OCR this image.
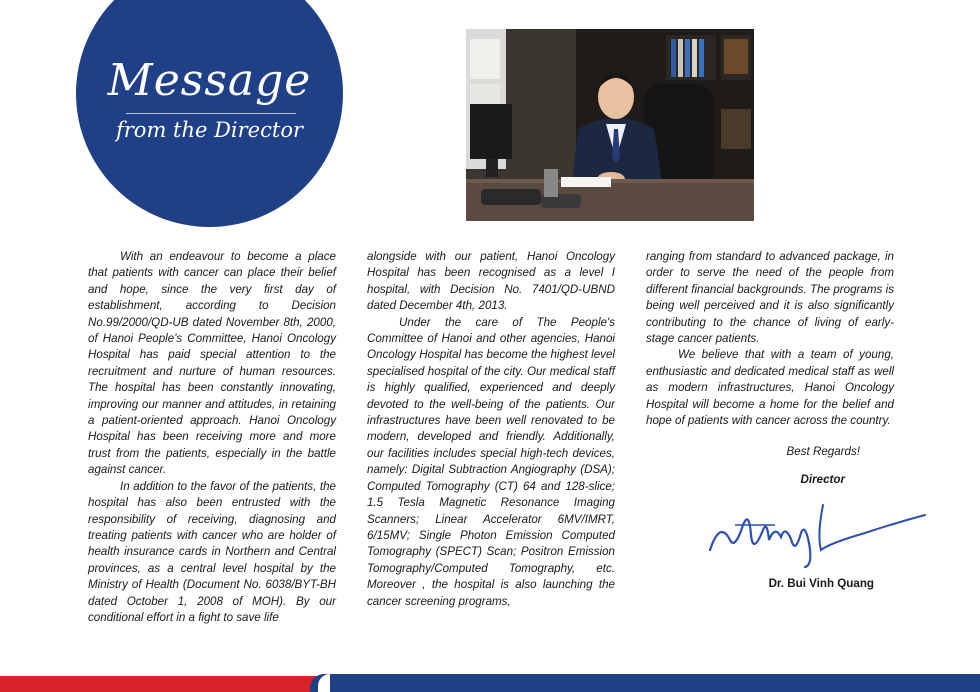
Message
from the Director

With an endeavour to become a place that patients with cancer can place their belief and hope, since the very first day of establishment, according to Decision No.99/2000/QD-UB dated November 8th, 2000, of Hanoi People's Committee, Hanoi Oncology Hospital has paid special attention to the recruitment and nurture of human resources. The hospital has been constantly innovating, improving our manner and attitudes, in retaining a patient-oriented approach. Hanoi Oncology Hospital has been receiving more and more trust from the patients, especially in the battle against cancer.

In addition to the favor of the patients, the hospital has also been entrusted with the responsibility of receiving, diagnosing and treating patients with cancer who are holder of health insurance cards in Northern and Central provinces, as a central level hospital by the Ministry of Health (Document No. 6038/BYT-BH dated October 1, 2008 of MOH). By our conditional effort in a fight to save life

alongside with our patient, Hanoi Oncology Hospital has been recognised as a level I hospital, with Decision No. 7401/QD-UBND dated December 4th, 2013.

Under the care of The People's Committee of Hanoi and other agencies, Hanoi Oncology Hospital has become the highest level specialised hospital of the city. Our medical staff is highly qualified, experienced and deeply devoted to the well-being of the patients. Our infrastructures have been well renovated to be modern, developed and friendly. Additionally, our facilities includes special high-tech devices, namely: Digital Subtraction Angiography (DSA); Computed Tomography (CT) 64 and 128-slice; 1.5 Tesla Magnetic Resonance Imaging Scanners; Linear Accelerator 6MV/IMRT, 6/15MV; Single Photon Emission Computed Tomography (SPECT) Scan; Positron Emission Tomography/Computed Tomography, etc. Moreover , the hospital is also launching the cancer screening programs,

ranging from standard to advanced package, in order to serve the need of the people from different financial backgrounds. The programs is being well perceived and it is also significantly contributing to the chance of living of early-stage cancer patients.

We believe that with a team of young, enthusiastic and dedicated medical staff as well as modern infrastructures, Hanoi Oncology Hospital will become a home for the belief and hope of patients with cancer across the country.

Best Regards!
Director
Dr. Bui Vinh Quang
